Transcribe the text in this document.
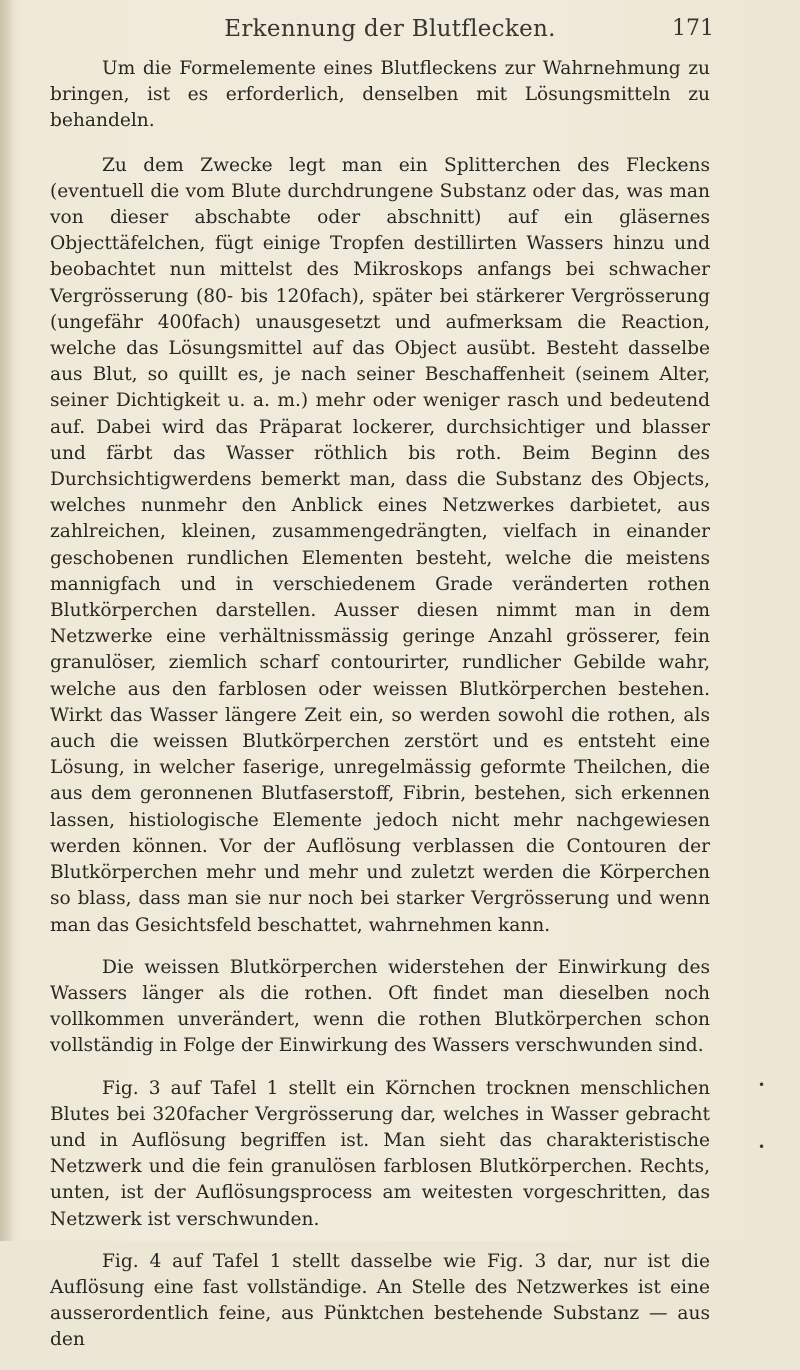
Erkennung der Blutflecken.	171

Um die Formelemente eines Blutfleckens zur Wahrnehmung zu bringen, ist es erforderlich, denselben mit Lösungsmitteln zu behandeln.

Zu dem Zwecke legt man ein Splitterchen des Fleckens (eventuell die vom Blute durchdrungene Substanz oder das, was man von dieser abschabte oder abschnitt) auf ein gläsernes Objecttäfelchen, fügt einige Tropfen destillirten Wassers hinzu und beobachtet nun mittelst des Mikroskops anfangs bei schwacher Vergrösserung (80- bis 120fach), später bei stärkerer Vergrösserung (ungefähr 400fach) unausgesetzt und aufmerksam die Reaction, welche das Lösungsmittel auf das Object ausübt. Besteht dasselbe aus Blut, so quillt es, je nach seiner Beschaffenheit (seinem Alter, seiner Dichtigkeit u. a. m.) mehr oder weniger rasch und bedeutend auf. Dabei wird das Präparat lockerer, durchsichtiger und blasser und färbt das Wasser röthlich bis roth. Beim Beginn des Durchsichtigwerdens bemerkt man, dass die Substanz des Objects, welches nunmehr den Anblick eines Netzwerkes darbietet, aus zahlreichen, kleinen, zusammengedrängten, vielfach in einander geschobenen rundlichen Elementen besteht, welche die meistens mannigfach und in verschiedenem Grade veränderten rothen Blutkörperchen darstellen. Ausser diesen nimmt man in dem Netzwerke eine verhältnissmässig geringe Anzahl grösserer, fein granulöser, ziemlich scharf contourirter, rundlicher Gebilde wahr, welche aus den farblosen oder weissen Blutkörperchen bestehen. Wirkt das Wasser längere Zeit ein, so werden sowohl die rothen, als auch die weissen Blutkörperchen zerstört und es entsteht eine Lösung, in welcher faserige, unregelmässig geformte Theilchen, die aus dem geronnenen Blutfaserstoff, Fibrin, bestehen, sich erkennen lassen, histiologische Elemente jedoch nicht mehr nachgewiesen werden können. Vor der Auflösung verblassen die Contouren der Blutkörperchen mehr und mehr und zuletzt werden die Körperchen so blass, dass man sie nur noch bei starker Vergrösserung und wenn man das Gesichtsfeld beschattet, wahrnehmen kann.

Die weissen Blutkörperchen widerstehen der Einwirkung des Wassers länger als die rothen. Oft findet man dieselben noch vollkommen unverändert, wenn die rothen Blutkörperchen schon vollständig in Folge der Einwirkung des Wassers verschwunden sind.

Fig. 3 auf Tafel 1 stellt ein Körnchen trocknen menschlichen Blutes bei 320facher Vergrösserung dar, welches in Wasser gebracht und in Auflösung begriffen ist. Man sieht das charakteristische Netzwerk und die fein granulösen farblosen Blutkörperchen. Rechts, unten, ist der Auflösungsprocess am weitesten vorgeschritten, das Netzwerk ist verschwunden.

Fig. 4 auf Tafel 1 stellt dasselbe wie Fig. 3 dar, nur ist die Auflösung eine fast vollständige. An Stelle des Netzwerkes ist eine ausserordentlich feine, aus Pünktchen bestehende Substanz — aus den

•
•
